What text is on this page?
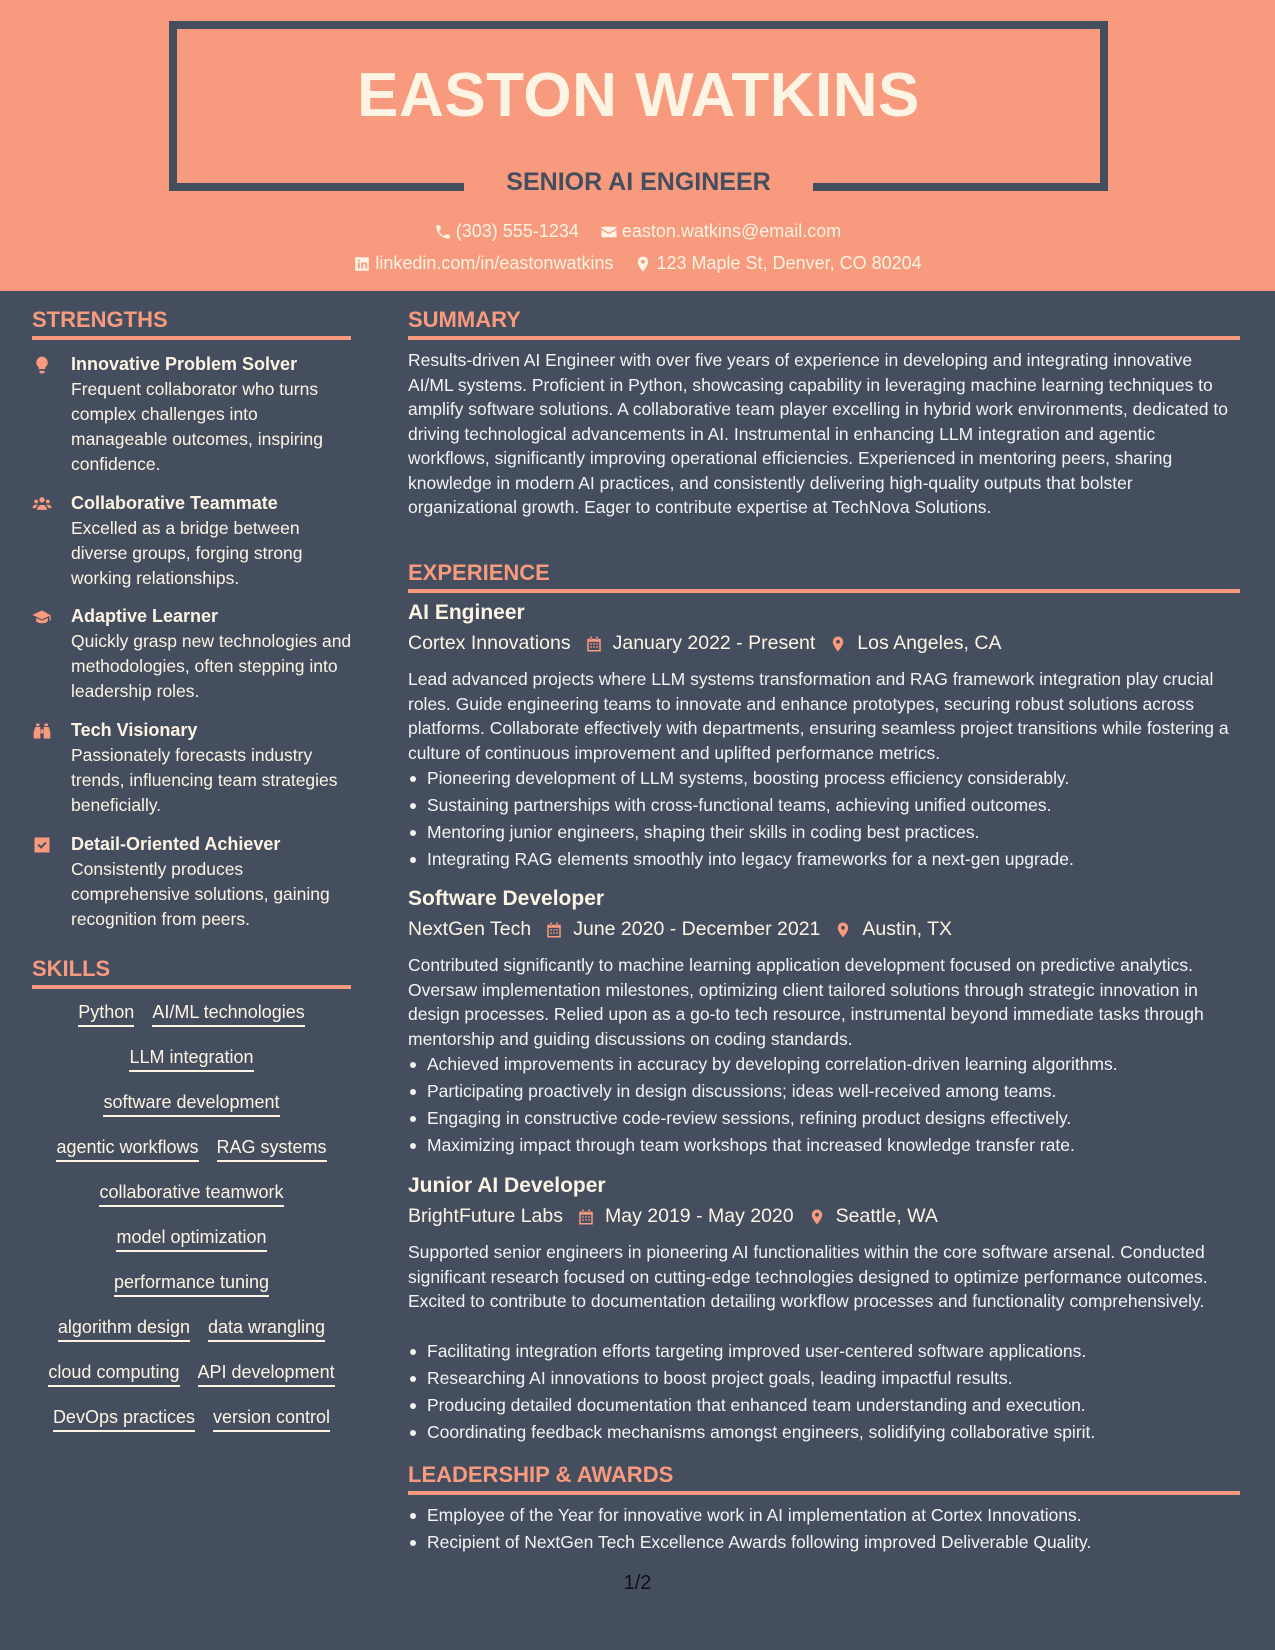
EASTON WATKINS
SENIOR AI ENGINEER
(303) 555-1234
easton.watkins@email.com
linkedin.com/in/eastonwatkins
123 Maple St, Denver, CO 80204
STRENGTHS
Innovative Problem Solver
Frequent collaborator who turns complex challenges into manageable outcomes, inspiring confidence.
Collaborative Teammate
Excelled as a bridge between diverse groups, forging strong working relationships.
Adaptive Learner
Quickly grasp new technologies and methodologies, often stepping into leadership roles.
Tech Visionary
Passionately forecasts industry trends, influencing team strategies beneficially.
Detail-Oriented Achiever
Consistently produces comprehensive solutions, gaining recognition from peers.
SKILLS
Python AI/ML technologies
LLM integration
software development
agentic workflows RAG systems
collaborative teamwork
model optimization
performance tuning
algorithm design data wrangling
cloud computing API development
DevOps practices version control
SUMMARY
Results-driven AI Engineer with over five years of experience in developing and integrating innovative AI/ML systems. Proficient in Python, showcasing capability in leveraging machine learning techniques to amplify software solutions. A collaborative team player excelling in hybrid work environments, dedicated to driving technological advancements in AI. Instrumental in enhancing LLM integration and agentic workflows, significantly improving operational efficiencies. Experienced in mentoring peers, sharing knowledge in modern AI practices, and consistently delivering high-quality outputs that bolster organizational growth. Eager to contribute expertise at TechNova Solutions.
EXPERIENCE
AI Engineer
Cortex Innovations January 2022 - Present Los Angeles, CA
Lead advanced projects where LLM systems transformation and RAG framework integration play crucial roles. Guide engineering teams to innovate and enhance prototypes, securing robust solutions across platforms. Collaborate effectively with departments, ensuring seamless project transitions while fostering a culture of continuous improvement and uplifted performance metrics.
Pioneering development of LLM systems, boosting process efficiency considerably.
Sustaining partnerships with cross-functional teams, achieving unified outcomes.
Mentoring junior engineers, shaping their skills in coding best practices.
Integrating RAG elements smoothly into legacy frameworks for a next-gen upgrade.
Software Developer
NextGen Tech June 2020 - December 2021 Austin, TX
Contributed significantly to machine learning application development focused on predictive analytics. Oversaw implementation milestones, optimizing client tailored solutions through strategic innovation in design processes. Relied upon as a go-to tech resource, instrumental beyond immediate tasks through mentorship and guiding discussions on coding standards.
Achieved improvements in accuracy by developing correlation-driven learning algorithms.
Participating proactively in design discussions; ideas well-received among teams.
Engaging in constructive code-review sessions, refining product designs effectively.
Maximizing impact through team workshops that increased knowledge transfer rate.
Junior AI Developer
BrightFuture Labs May 2019 - May 2020 Seattle, WA
Supported senior engineers in pioneering AI functionalities within the core software arsenal. Conducted significant research focused on cutting-edge technologies designed to optimize performance outcomes. Excited to contribute to documentation detailing workflow processes and functionality comprehensively.
Facilitating integration efforts targeting improved user-centered software applications.
Researching AI innovations to boost project goals, leading impactful results.
Producing detailed documentation that enhanced team understanding and execution.
Coordinating feedback mechanisms amongst engineers, solidifying collaborative spirit.
LEADERSHIP & AWARDS
Employee of the Year for innovative work in AI implementation at Cortex Innovations.
Recipient of NextGen Tech Excellence Awards following improved Deliverable Quality.
1/2
